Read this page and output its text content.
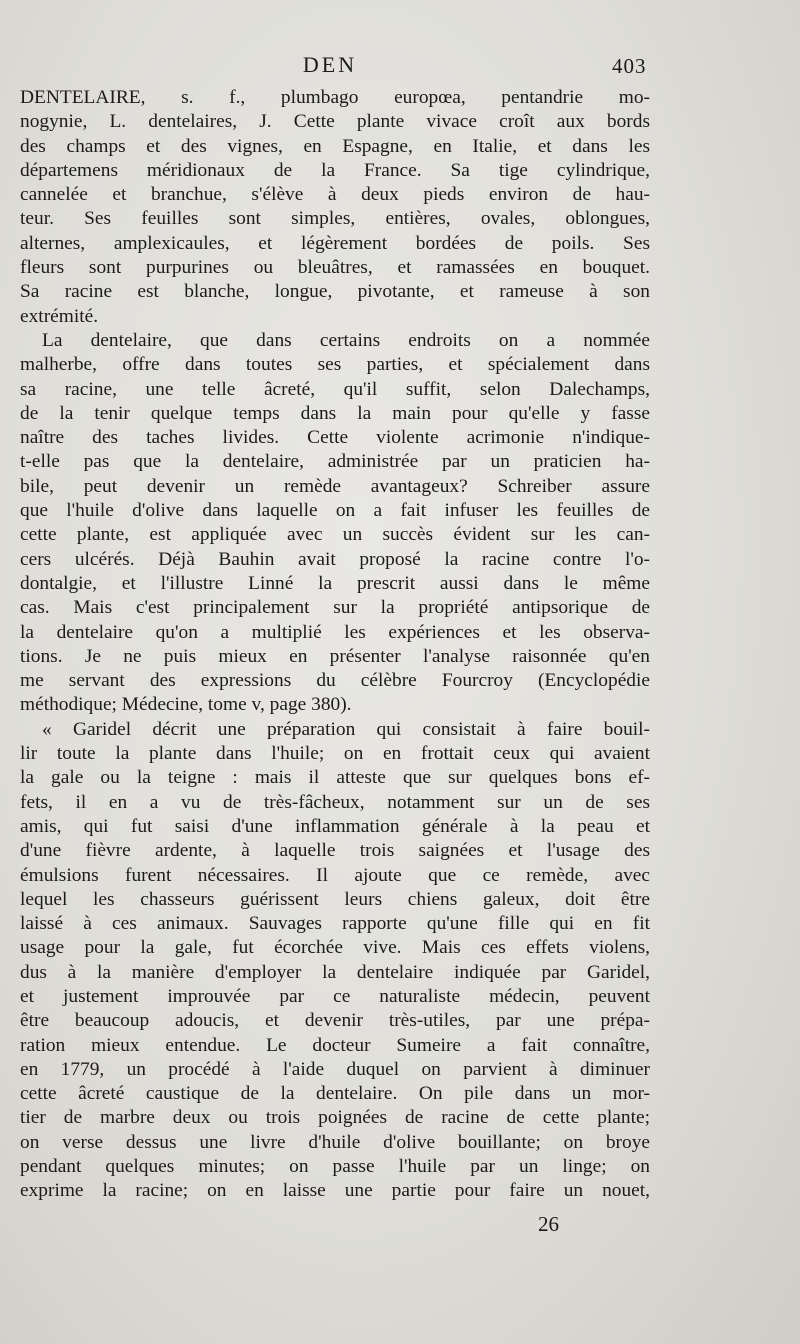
DEN	403

DENTELAIRE, s. f., plumbago europœa, pentandrie mo-
nogynie, L. dentelaires, J. Cette plante vivace croît aux bords
des champs et des vignes, en Espagne, en Italie, et dans les
départemens méridionaux de la France. Sa tige cylindrique,
cannelée et branchue, s'élève à deux pieds environ de hau-
teur. Ses feuilles sont simples, entières, ovales, oblongues,
alternes, amplexicaules, et légèrement bordées de poils. Ses
fleurs sont purpurines ou bleuâtres, et ramassées en bouquet.
Sa racine est blanche, longue, pivotante, et rameuse à son
extrémité.

La dentelaire, que dans certains endroits on a nommée
malherbe, offre dans toutes ses parties, et spécialement dans
sa racine, une telle âcreté, qu'il suffit, selon Dalechamps,
de la tenir quelque temps dans la main pour qu'elle y fasse
naître des taches livides. Cette violente acrimonie n'indique-
t-elle pas que la dentelaire, administrée par un praticien ha-
bile, peut devenir un remède avantageux? Schreiber assure
que l'huile d'olive dans laquelle on a fait infuser les feuilles de
cette plante, est appliquée avec un succès évident sur les can-
cers ulcérés. Déjà Bauhin avait proposé la racine contre l'o-
dontalgie, et l'illustre Linné la prescrit aussi dans le même
cas. Mais c'est principalement sur la propriété antipsorique de
la dentelaire qu'on a multiplié les expériences et les observa-
tions. Je ne puis mieux en présenter l'analyse raisonnée qu'en
me servant des expressions du célèbre Fourcroy (Encyclopédie
méthodique; Médecine, tome v, page 380).

« Garidel décrit une préparation qui consistait à faire bouil-
lir toute la plante dans l'huile; on en frottait ceux qui avaient
la gale ou la teigne : mais il atteste que sur quelques bons ef-
fets, il en a vu de très-fâcheux, notamment sur un de ses
amis, qui fut saisi d'une inflammation générale à la peau et
d'une fièvre ardente, à laquelle trois saignées et l'usage des
émulsions furent nécessaires. Il ajoute que ce remède, avec
lequel les chasseurs guérissent leurs chiens galeux, doit être
laissé à ces animaux. Sauvages rapporte qu'une fille qui en fit
usage pour la gale, fut écorchée vive. Mais ces effets violens,
dus à la manière d'employer la dentelaire indiquée par Garidel,
et justement improuvée par ce naturaliste médecin, peuvent
être beaucoup adoucis, et devenir très-utiles, par une prépa-
ration mieux entendue. Le docteur Sumeire a fait connaître,
en 1779, un procédé à l'aide duquel on parvient à diminuer
cette âcreté caustique de la dentelaire. On pile dans un mor-
tier de marbre deux ou trois poignées de racine de cette plante;
on verse dessus une livre d'huile d'olive bouillante; on broye
pendant quelques minutes; on passe l'huile par un linge; on
exprime la racine; on en laisse une partie pour faire un nouet,

26
